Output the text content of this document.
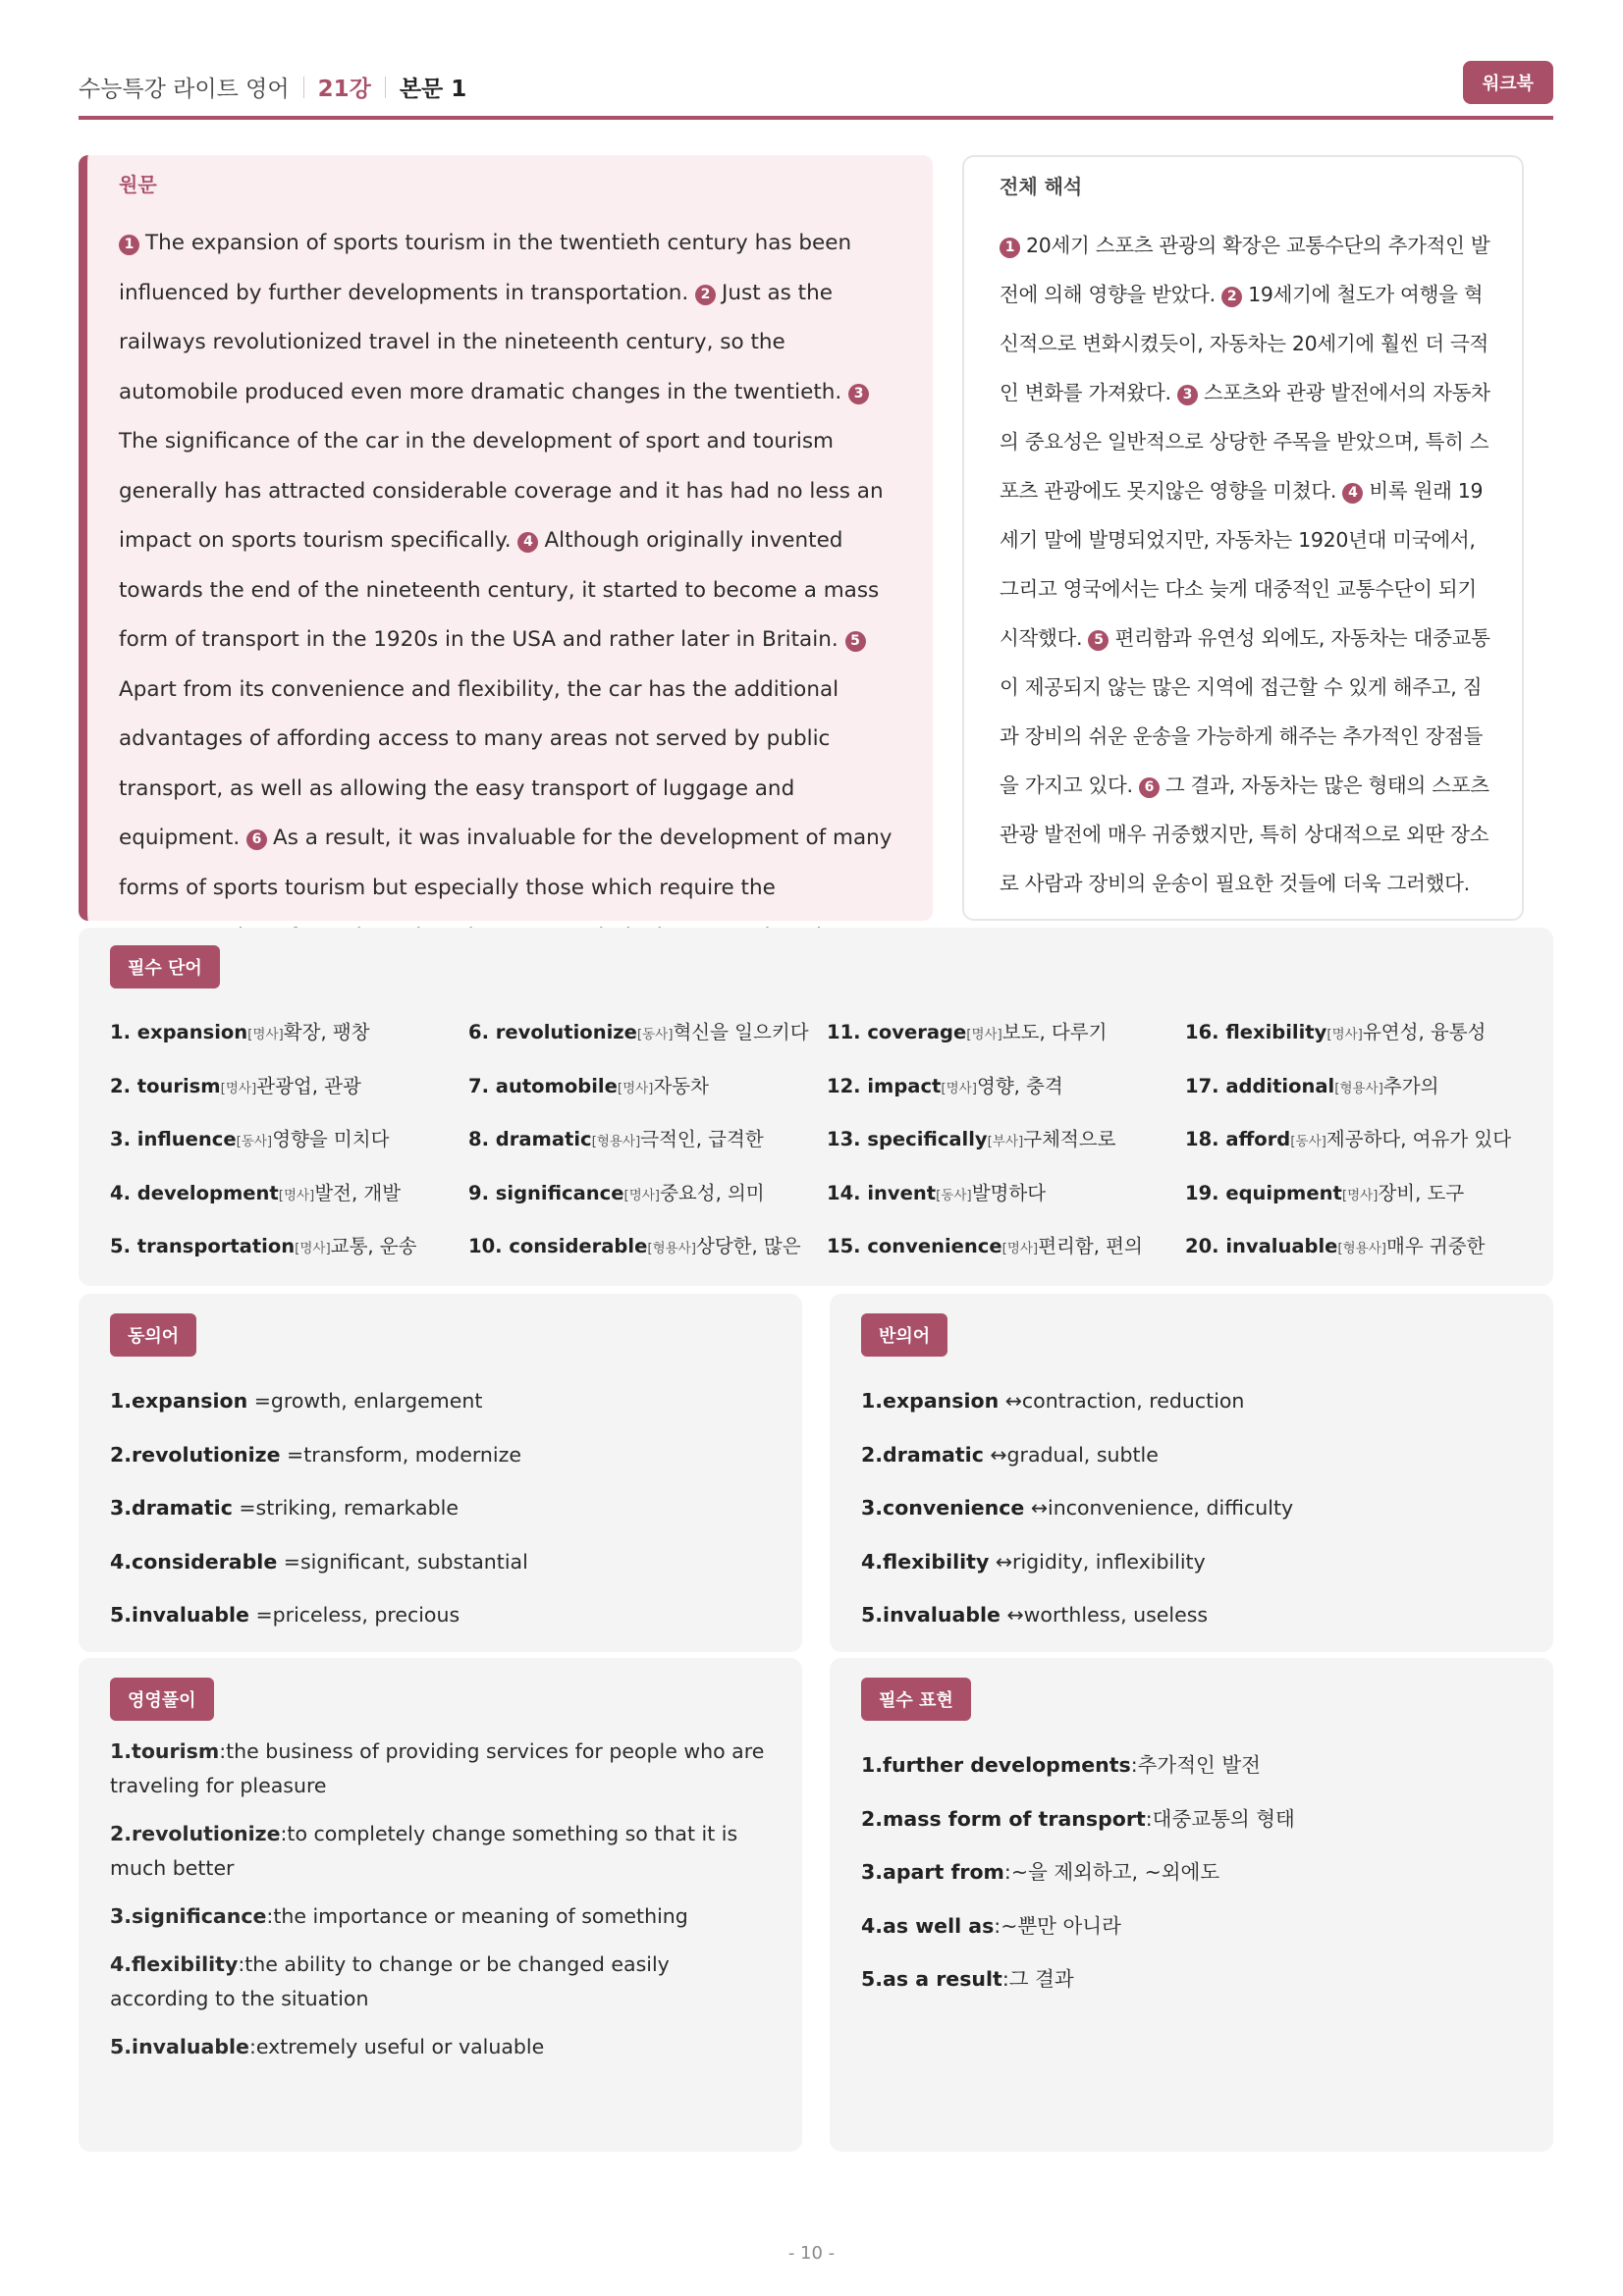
수능특강 라이트 영어 21강 본문 1	워크북
원문
1 The expansion of sports tourism in the twentieth century has been influenced by further developments in transportation. 2 Just as the railways revolutionized travel in the nineteenth century, so the automobile produced even more dramatic changes in the twentieth. 3The significance of the car in the development of sport and tourism generally has attracted considerable coverage and it has had no less an impact on sports tourism specifically. 4 Although originally invented towards the end of the nineteenth century, it started to become a mass form of transport in the 1920s in the USA and rather later in Britain. 5Apart from its convenience and flexibility, the car has the additional advantages of affording access to many areas not served by public transport, as well as allowing the easy transport of luggage and equipment. 6 As a result, it was invaluable for the development of many forms of sports tourism but especially those which require the
전체 해석
1 20세기 스포츠 관광의 확장은 교통수단의 추가적인 발전에 의해 영향을 받았다. 2 19세기에 철도가 여행을 혁신적으로 변화시켰듯이, 자동차는 20세기에 훨씬 더 극적인 변화를 가져왔다. 3 스포츠와 관광 발전에서의 자동차의 중요성은 일반적으로 상당한 주목을 받았으며, 특히 스포츠 관광에도 못지않은 영향을 미쳤다. 4 비록 원래 19세기 말에 발명되었지만, 자동차는 1920년대 미국에서, 그리고 영국에서는 다소 늦게 대중적인 교통수단이 되기 시작했다. 5 편리함과 유연성 외에도, 자동차는 대중교통이 제공되지 않는 많은 지역에 접근할 수 있게 해주고, 짐과 장비의 쉬운 운송을 가능하게 해주는 추가적인 장점들을 가지고 있다. 6 그 결과, 자동차는 많은 형태의 스포츠 관광 발전에 매우 귀중했지만, 특히 상대적으로 외딴 장소로 사람과 장비의 운송이 필요한 것들에 더욱 그러했다.
필수 단어
1. expansion[명사]확장, 팽창	6. revolutionize[동사]혁신을 일으키다 11. coverage[명사]보도, 다루기	16. flexibility[명사]유연성, 융통성
2. tourism[명사]관광업, 관광	7. automobile[명사]자동차	12. impact[명사]영향, 충격	17. additional[형용사]추가의
3. influence[동사]영향을 미치다	8. dramatic[형용사]극적인, 급격한	13. specifically[부사]구체적으로	18. afford[동사]제공하다, 여유가 있다
4. development[명사]발전, 개발	9. significance[명사]중요성, 의미	14. invent[동사]발명하다	19. equipment[명사]장비, 도구
5. transportation[명사]교통, 운송	10. considerable[형용사]상당한, 많은	15. convenience[명사]편리함, 편의	20. invaluable[형용사]매우 귀중한
동의어
1.expansion =growth, enlargement
2.revolutionize =transform, modernize
3.dramatic =striking, remarkable
4.considerable =significant, substantial
5.invaluable =priceless, precious
반의어
1.expansion ↔contraction, reduction
2.dramatic ↔gradual, subtle
3.convenience ↔inconvenience, difficulty
4.flexibility ↔rigidity, inflexibility
5.invaluable ↔worthless, useless
영영풀이
1.tourism:the business of providing services for people who are traveling for pleasure
2.revolutionize:to completely change something so that it is much better
3.significance:the importance or meaning of something
4.flexibility:the ability to change or be changed easily according to the situation
5.invaluable:extremely useful or valuable
필수 표현
1.further developments:추가적인 발전
2.mass form of transport:대중교통의 형태
3.apart from:~을 제외하고, ~외에도
4.as well as:~뿐만 아니라
5.as a result:그 결과
- 10 -
